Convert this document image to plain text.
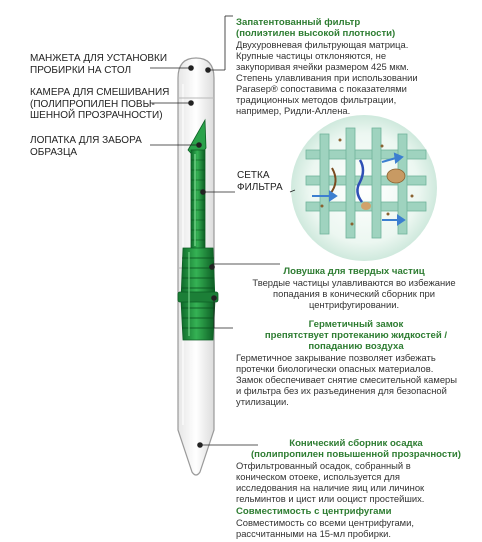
МАНЖЕТА ДЛЯ УСТАНОВКИ
ПРОБИРКИ НА СТОЛ
КАМЕРА ДЛЯ СМЕШИВАНИЯ
(ПОЛИПРОПИЛЕН ПОВЫ-
ШЕННОЙ ПРОЗРАЧНОСТИ)
ЛОПАТКА ДЛЯ ЗАБОРА
ОБРАЗЦА
СЕТКА
ФИЛЬТРА
Запатентованный фильтр
(полиэтилен высокой плотности)
Двухуровневая фильтрующая матрица.
Крупные частицы отклоняются, не
закупоривая ячейки размером 425 мкм.
Степень улавливания при использовании
Parasep® сопоставима с показателями
традиционных методов фильтрации,
например, Ридли-Аллена.
Ловушка для твердых частиц
Твердые частицы улавливаются во избежание
попадания в конический сборник при
центрифугировании.
Герметичный замок
препятствует протеканию жидкостей /
попаданию воздуха
Герметичное закрывание позволяет избежать
протечки биологически опасных материалов.
Замок обеспечивает снятие смесительной камеры
и фильтра без их разъединения для безопасной
утилизации.
Конический сборник осадка
(полипропилен повышенной прозрачности)
Отфильтрованный осадок, собранный в
коническом отоеке, используется для
исследования на наличие яиц или личинок
гельминтов и цист или ооцист простейших.
Совместимость с центрифугами
Совместимость со всеми центрифугами,
рассчитанными на 15-мл пробирки.
